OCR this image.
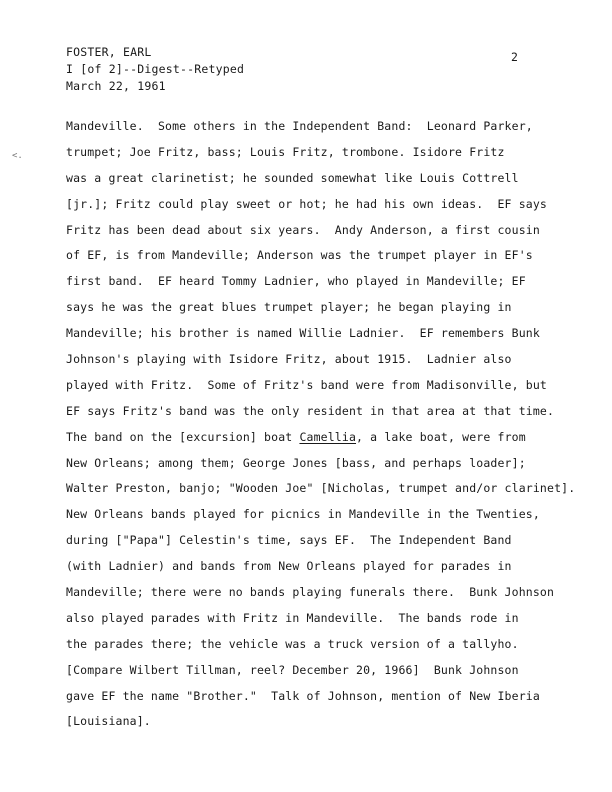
FOSTER, EARL
I [of 2]--Digest--Retyped
March 22, 1961
2
<.
Mandeville.  Some others in the Independent Band:  Leonard Parker,
trumpet; Joe Fritz, bass; Louis Fritz, trombone. Isidore Fritz
was a great clarinetist; he sounded somewhat like Louis Cottrell
[jr.]; Fritz could play sweet or hot; he had his own ideas.  EF says
Fritz has been dead about six years.  Andy Anderson, a first cousin
of EF, is from Mandeville; Anderson was the trumpet player in EF's
first band.  EF heard Tommy Ladnier, who played in Mandeville; EF
says he was the great blues trumpet player; he began playing in
Mandeville; his brother is named Willie Ladnier.  EF remembers Bunk
Johnson's playing with Isidore Fritz, about 1915.  Ladnier also
played with Fritz.  Some of Fritz's band were from Madisonville, but
EF says Fritz's band was the only resident in that area at that time.
The band on the [excursion] boat Camellia, a lake boat, were from
New Orleans; among them; George Jones [bass, and perhaps loader];
Walter Preston, banjo; "Wooden Joe" [Nicholas, trumpet and/or clarinet].
New Orleans bands played for picnics in Mandeville in the Twenties,
during ["Papa"] Celestin's time, says EF.  The Independent Band
(with Ladnier) and bands from New Orleans played for parades in
Mandeville; there were no bands playing funerals there.  Bunk Johnson
also played parades with Fritz in Mandeville.  The bands rode in
the parades there; the vehicle was a truck version of a tallyho.
[Compare Wilbert Tillman, reel? December 20, 1966]  Bunk Johnson
gave EF the name "Brother."  Talk of Johnson, mention of New Iberia
[Louisiana].
